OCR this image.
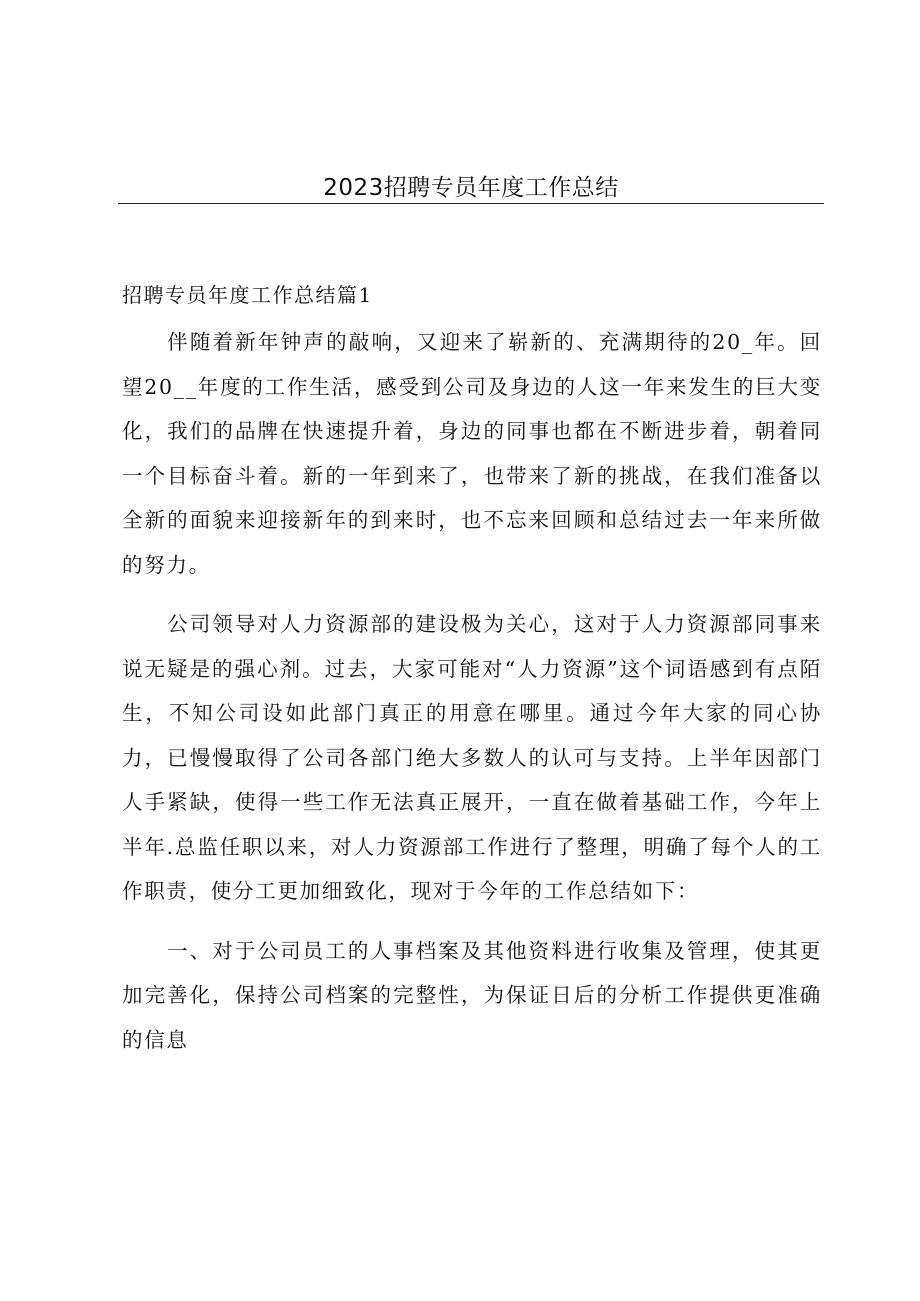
2023招聘专员年度工作总结
招聘专员年度工作总结篇1

伴随着新年钟声的敲响，又迎来了崭新的、充满期待的20_年。回望20__年度的工作生活，感受到公司及身边的人这一年来发生的巨大变化，我们的品牌在快速提升着，身边的同事也都在不断进步着，朝着同一个目标奋斗着。新的一年到来了，也带来了新的挑战，在我们准备以全新的面貌来迎接新年的到来时，也不忘来回顾和总结过去一年来所做的努力。

公司领导对人力资源部的建设极为关心，这对于人力资源部同事来说无疑是的强心剂。过去，大家可能对“人力资源”这个词语感到有点陌生，不知公司设如此部门真正的用意在哪里。通过今年大家的同心协力，已慢慢取得了公司各部门绝大多数人的认可与支持。上半年因部门人手紧缺，使得一些工作无法真正展开，一直在做着基础工作，今年上半年.总监任职以来，对人力资源部工作进行了整理，明确了每个人的工作职责，使分工更加细致化，现对于今年的工作总结如下：

一、对于公司员工的人事档案及其他资料进行收集及管理，使其更加完善化，保持公司档案的完整性，为保证日后的分析工作提供更准确的信息
